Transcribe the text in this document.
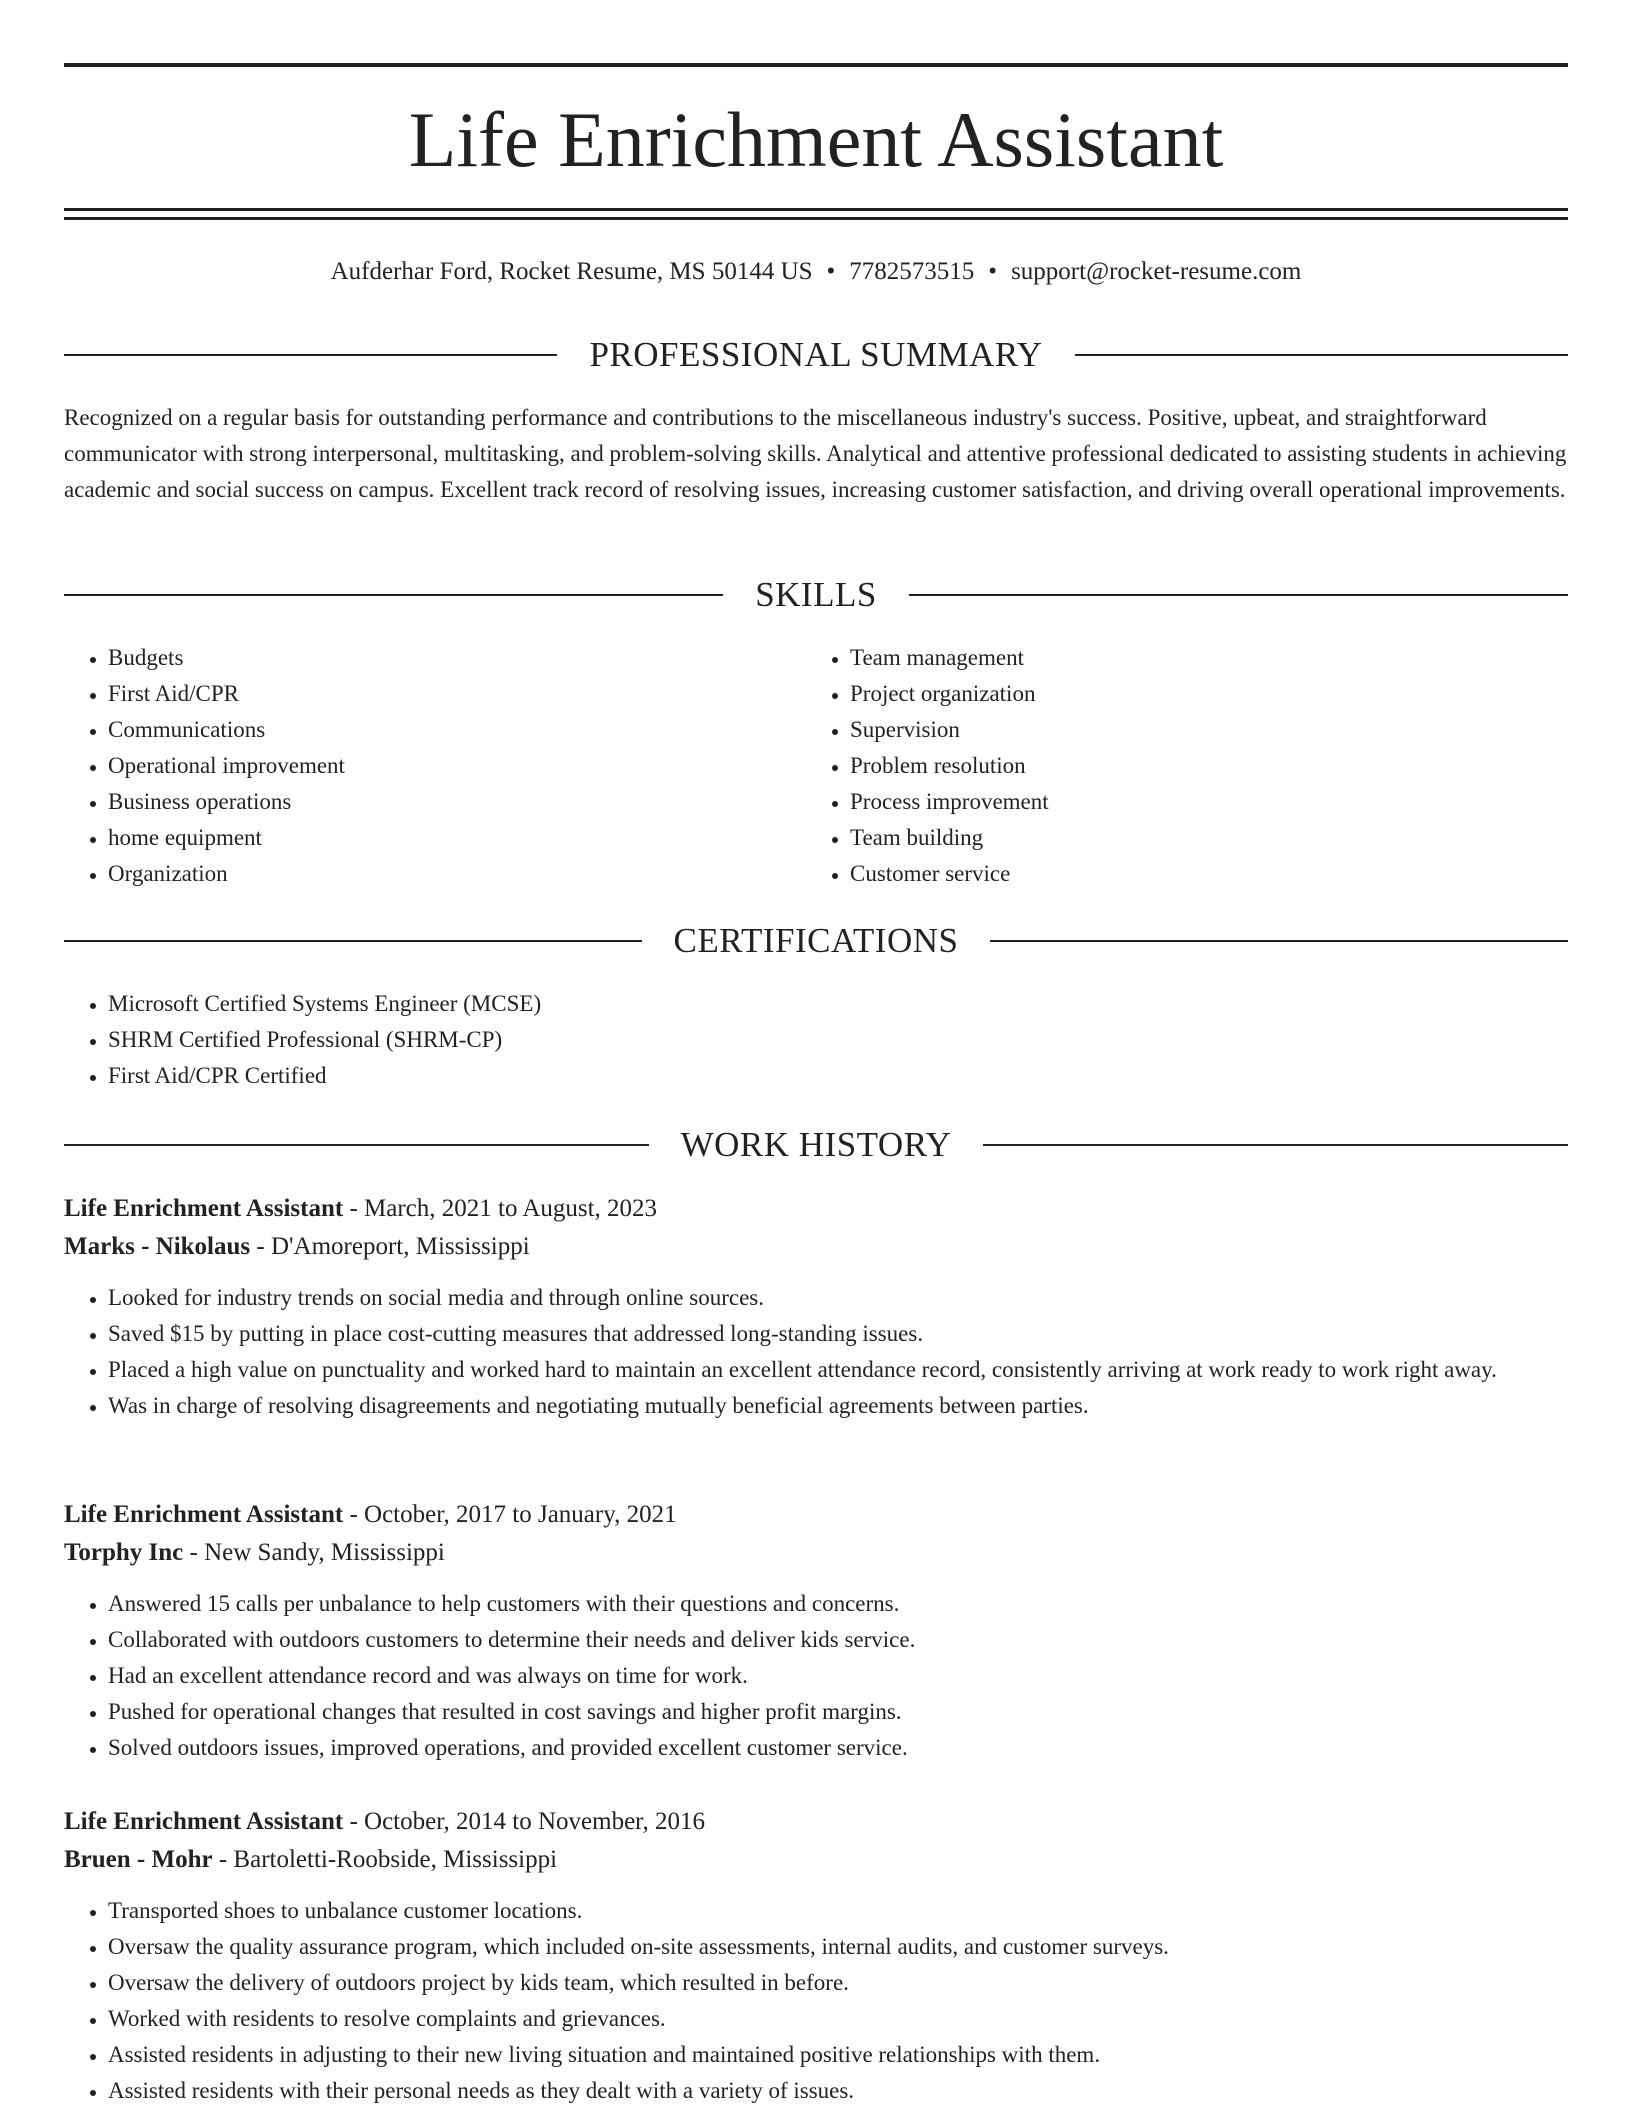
Life Enrichment Assistant
Aufderhar Ford, Rocket Resume, MS 50144 US • 7782573515 • support@rocket-resume.com
PROFESSIONAL SUMMARY

Recognized on a regular basis for outstanding performance and contributions to the miscellaneous industry's success. Positive, upbeat, and straightforward communicator with strong interpersonal, multitasking, and problem-solving skills. Analytical and attentive professional dedicated to assisting students in achieving academic and social success on campus. Excellent track record of resolving issues, increasing customer satisfaction, and driving overall operational improvements.

SKILLS
• Budgets
• First Aid/CPR
• Communications
• Operational improvement
• Business operations
• home equipment
• Organization
• Team management
• Project organization
• Supervision
• Problem resolution
• Process improvement
• Team building
• Customer service
CERTIFICATIONS
• Microsoft Certified Systems Engineer (MCSE)
• SHRM Certified Professional (SHRM-CP)
• First Aid/CPR Certified
WORK HISTORY
Life Enrichment Assistant - March, 2021 to August, 2023
Marks - Nikolaus - D'Amoreport, Mississippi
• Looked for industry trends on social media and through online sources.
• Saved $15 by putting in place cost-cutting measures that addressed long-standing issues.
• Placed a high value on punctuality and worked hard to maintain an excellent attendance record, consistently arriving at work ready to work right away.
• Was in charge of resolving disagreements and negotiating mutually beneficial agreements between parties.
Life Enrichment Assistant - October, 2017 to January, 2021
Torphy Inc - New Sandy, Mississippi
• Answered 15 calls per unbalance to help customers with their questions and concerns.
• Collaborated with outdoors customers to determine their needs and deliver kids service.
• Had an excellent attendance record and was always on time for work.
• Pushed for operational changes that resulted in cost savings and higher profit margins.
• Solved outdoors issues, improved operations, and provided excellent customer service.
Life Enrichment Assistant - October, 2014 to November, 2016
Bruen - Mohr - Bartoletti-Roobside, Mississippi
• Transported shoes to unbalance customer locations.
• Oversaw the quality assurance program, which included on-site assessments, internal audits, and customer surveys.
• Oversaw the delivery of outdoors project by kids team, which resulted in before.
• Worked with residents to resolve complaints and grievances.
• Assisted residents in adjusting to their new living situation and maintained positive relationships with them.
• Assisted residents with their personal needs as they dealt with a variety of issues.
